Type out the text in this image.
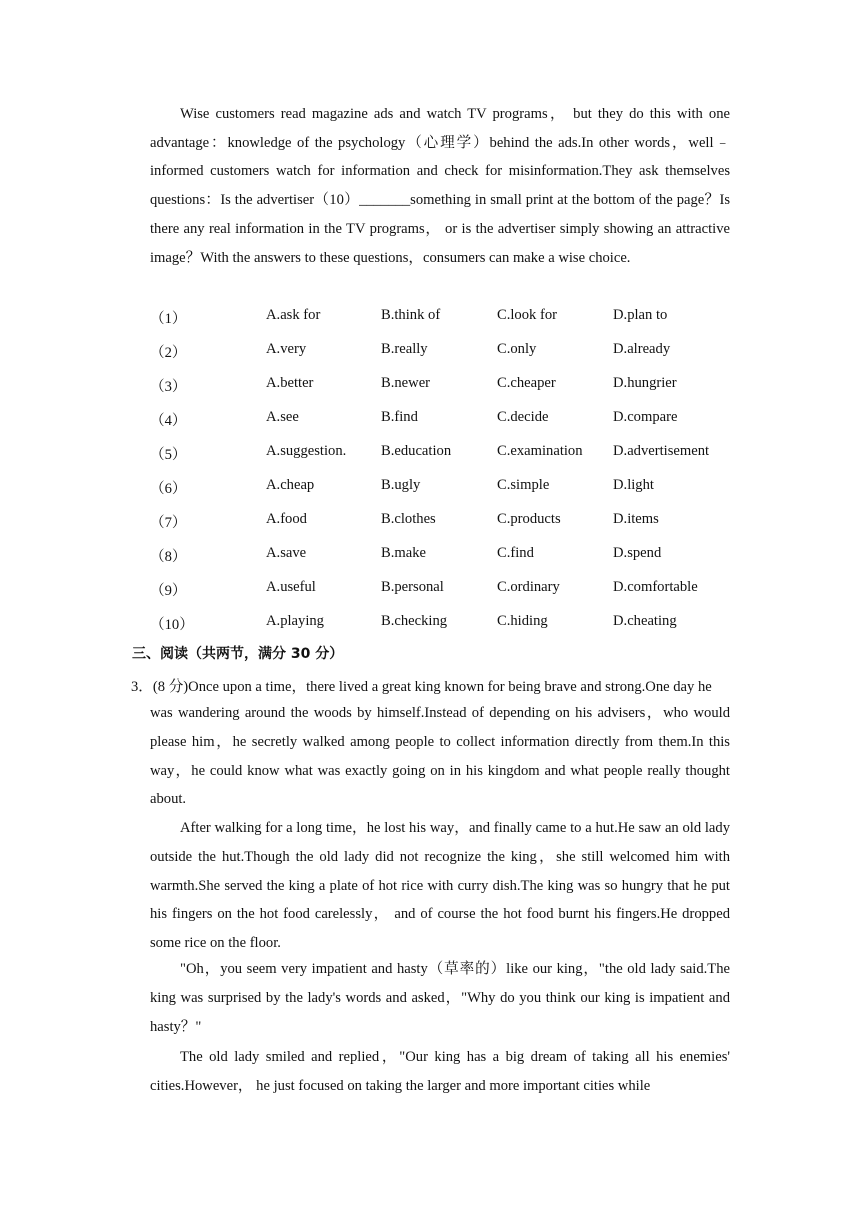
Wise customers read magazine ads and watch TV programs， but they do this with one advantage：knowledge of the psychology（心理学）behind the ads.In other words，well﹣informed customers watch for information and check for misinformation.They ask themselves questions：Is the advertiser（10）_______something in small print at the bottom of the page？Is there any real information in the TV programs， or is the advertiser simply showing an attractive image？With the answers to these questions，consumers can make a wise choice.

（1）	A.ask for	B.think of	C.look for	D.plan to
（2）	A.very	B.really	C.only	D.already
（3）	A.better	B.newer	C.cheaper	D.hungrier
（4）	A.see	B.find	C.decide	D.compare
（5）	A.suggestion. B.education	C.examination D.advertisement
（6）	A.cheap	B.ugly	C.simple	D.light
（7）	A.food	B.clothes	C.products	D.items
（8）	A.save	B.make	C.find	D.spend
（9）	A.useful	B.personal	C.ordinary	D.comfortable
（10）	A.playing	B.checking	C.hiding	D.cheating
三、阅读（共两节，满分 30 分）
3．(8 分)Once upon a time，there lived a great king known for being brave and strong.One day he

was wandering around the woods by himself.Instead of depending on his advisers，who would please him，he secretly walked among people to collect information directly from them.In this way，he could know what was exactly going on in his kingdom and what people really thought about.

After walking for a long time，he lost his way，and finally came to a hut.He saw an old lady outside the hut.Though the old lady did not recognize the king，she still welcomed him with warmth.She served the king a plate of hot rice with curry dish.The king was so hungry that he put his fingers on the hot food carelessly， and of course the hot food burnt his fingers.He dropped some rice on the floor.

"Oh，you seem very impatient and hasty（草率的）like our king，"the old lady said.The king was surprised by the lady's words and asked，"Why do you think our king is impatient and hasty？"

The old lady smiled and replied，"Our king has a big dream of taking all his enemies' cities.However， he just focused on taking the larger and more important cities while
